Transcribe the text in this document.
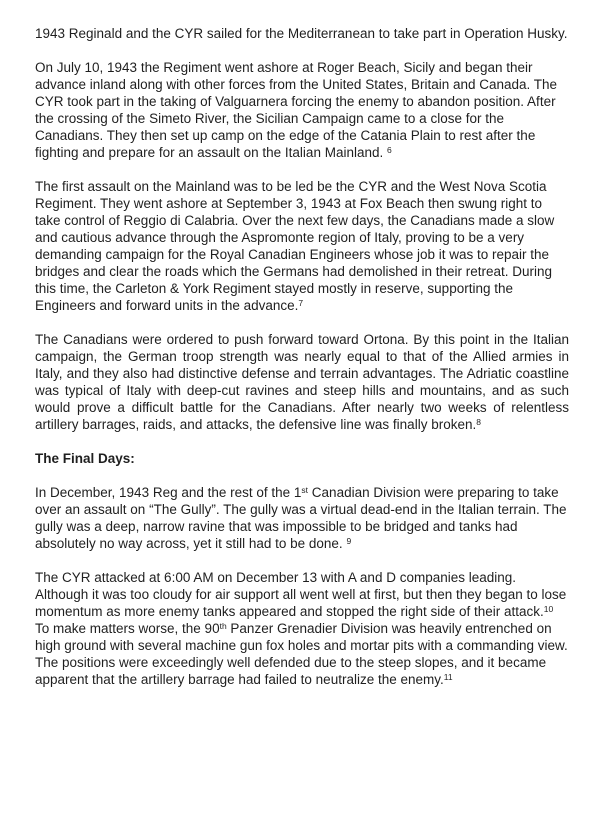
1943 Reginald and the CYR sailed for the Mediterranean to take part in Operation Husky.

On July 10, 1943 the Regiment went ashore at Roger Beach, Sicily and began their advance inland along with other forces from the United States, Britain and Canada. The CYR took part in the taking of Valguarnera forcing the enemy to abandon position. After the crossing of the Simeto River, the Sicilian Campaign came to a close for the Canadians. They then set up camp on the edge of the Catania Plain to rest after the fighting and prepare for an assault on the Italian Mainland. $^6$

The first assault on the Mainland was to be led be the CYR and the West Nova Scotia Regiment. They went ashore at September 3, 1943 at Fox Beach then swung right to take control of Reggio di Calabria. Over the next few days, the Canadians made a slow and cautious advance through the Aspromonte region of Italy, proving to be a very demanding campaign for the Royal Canadian Engineers whose job it was to repair the bridges and clear the roads which the Germans had demolished in their retreat. During this time, the Carleton & York Regiment stayed mostly in reserve, supporting the Engineers and forward units in the advance.$^7$

The Canadians were ordered to push forward toward Ortona. By this point in the Italian campaign, the German troop strength was nearly equal to that of the Allied armies in Italy, and they also had distinctive defense and terrain advantages. The Adriatic coastline was typical of Italy with deep-cut ravines and steep hills and mountains, and as such would prove a difficult battle for the Canadians. After nearly two weeks of relentless artillery barrages, raids, and attacks, the defensive line was finally broken.$^8$

The Final Days:

In December, 1943 Reg and the rest of the 1st Canadian Division were preparing to take over an assault on “The Gully”. The gully was a virtual dead-end in the Italian terrain. The gully was a deep, narrow ravine that was impossible to be bridged and tanks had absolutely no way across, yet it still had to be done. $^9$

The CYR attacked at 6:00 AM on December 13 with A and D companies leading. Although it was too cloudy for air support all went well at first, but then they began to lose momentum as more enemy tanks appeared and stopped the right side of their attack.$^{10}$ To make matters worse, the 90th Panzer Grenadier Division was heavily entrenched on high ground with several machine gun fox holes and mortar pits with a commanding view. The positions were exceedingly well defended due to the steep slopes, and it became apparent that the artillery barrage had failed to neutralize the enemy.$^{11}$
